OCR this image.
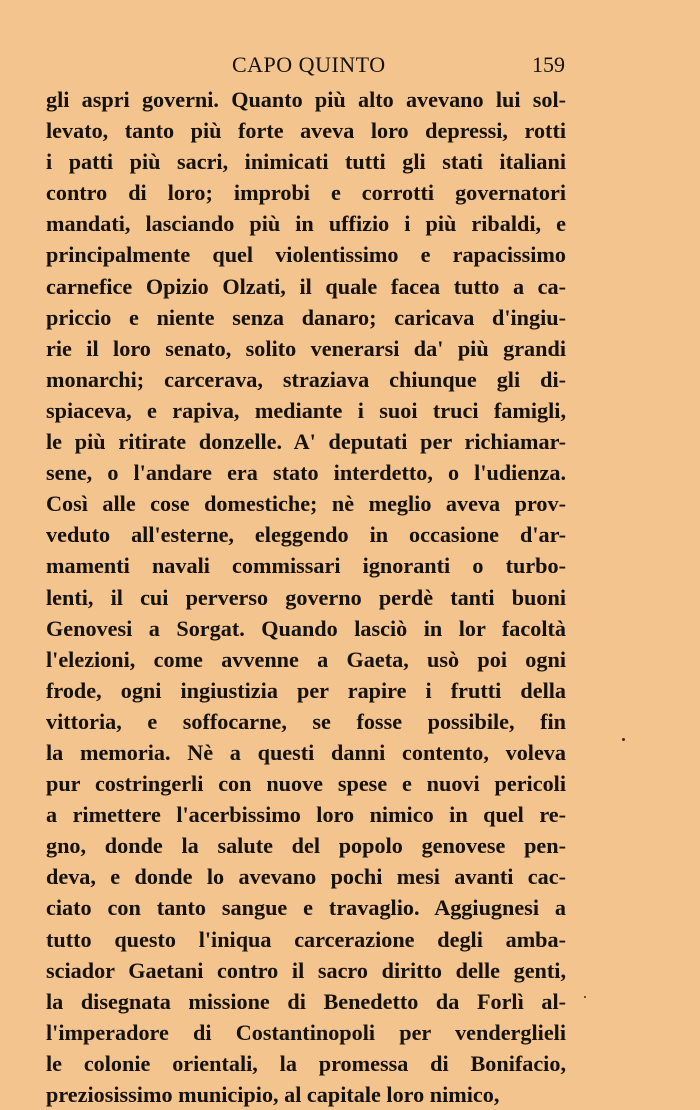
CAPO QUINTO	159
gli aspri governi. Quanto più alto avevano lui sol-
levato, tanto più forte aveva loro depressi, rotti
i patti più sacri, inimicati tutti gli stati italiani
contro di loro; improbi e corrotti governatori
mandati, lasciando più in uffizio i più ribaldi, e
principalmente quel violentissimo e rapacissimo
carnefice Opizio Olzati, il quale facea tutto a ca-
priccio e niente senza danaro; caricava d'ingiu-
rie il loro senato, solito venerarsi da' più grandi
monarchi; carcerava, straziava chiunque gli di-
spiaceva, e rapiva, mediante i suoi truci famigli,
le più ritirate donzelle. A' deputati per richiamar-
sene, o l'andare era stato interdetto, o l'udienza.
Così alle cose domestiche; nè meglio aveva prov-
veduto all'esterne, eleggendo in occasione d'ar-
mamenti navali commissari ignoranti o turbo-
lenti, il cui perverso governo perdè tanti buoni
Genovesi a Sorgat. Quando lasciò in lor facoltà
l'elezioni, come avvenne a Gaeta, usò poi ogni
frode, ogni ingiustizia per rapire i frutti della
vittoria, e soffocarne, se fosse possibile, fin
la memoria. Nè a questi danni contento, voleva
pur costringerli con nuove spese e nuovi pericoli
a rimettere l'acerbissimo loro nimico in quel re-
gno, donde la salute del popolo genovese pen-
deva, e donde lo avevano pochi mesi avanti cac-
ciato con tanto sangue e travaglio. Aggiugnesi a
tutto questo l'iniqua carcerazione degli amba-
sciador Gaetani contro il sacro diritto delle genti,
la disegnata missione di Benedetto da Forlì al-
l'imperadore di Costantinopoli per venderglieli
le colonie orientali, la promessa di Bonifacio,
preziosissimo municipio, al capitale loro nimico,
